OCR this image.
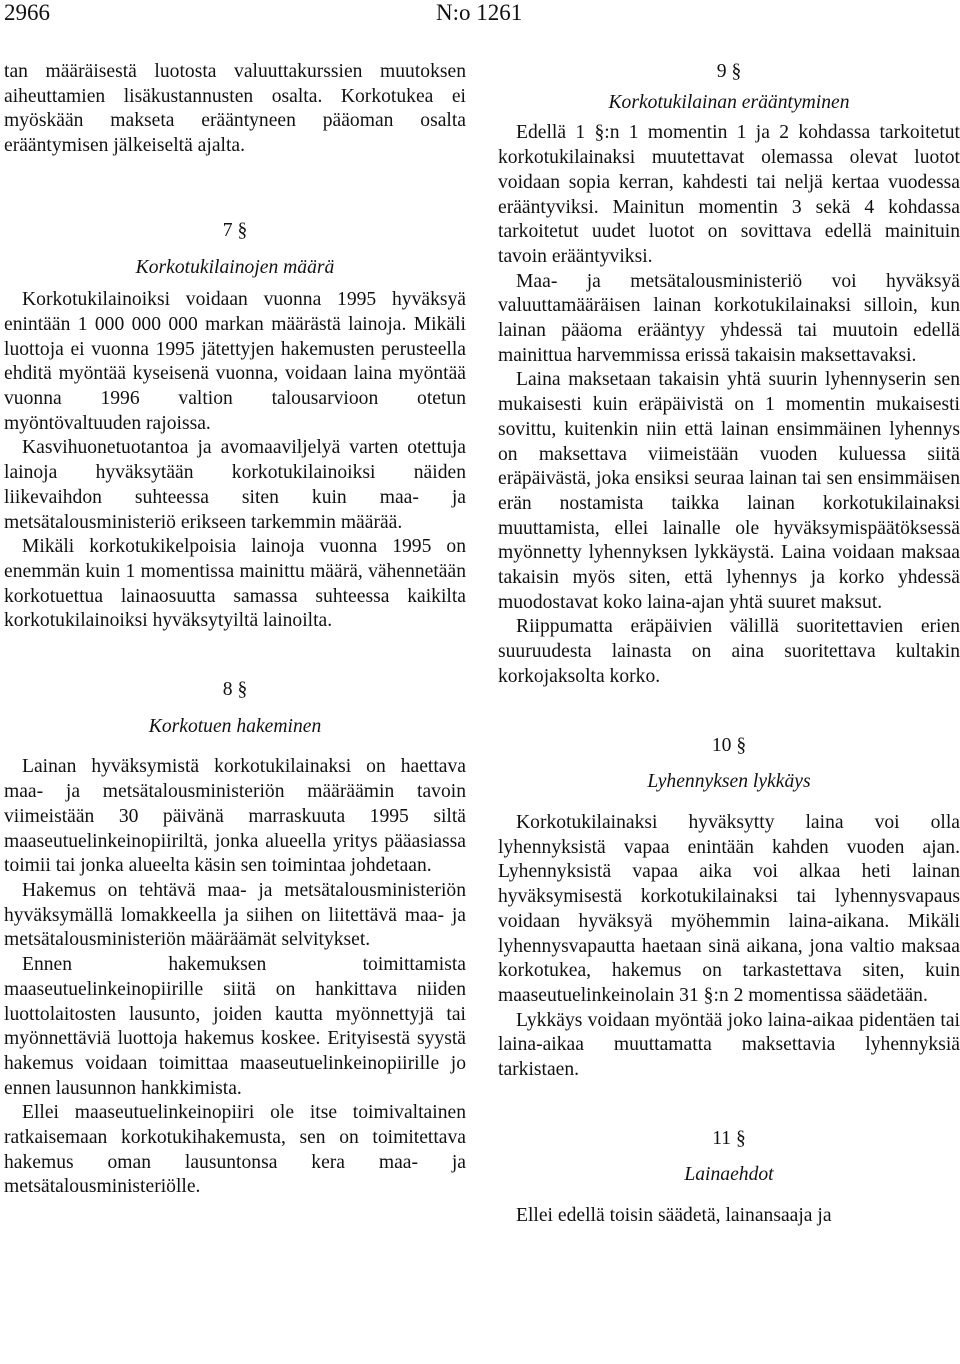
2966	N:o 1261

tan määräisestä luotosta valuuttakurssien muutoksen aiheuttamien lisäkustannusten osalta. Korkotukea ei myöskään makseta erääntyneen pääoman osalta erääntymisen jälkeiseltä ajalta.

7 §
Korkotukilainojen määrä

Korkotukilainoiksi voidaan vuonna 1995 hyväksyä enintään 1 000 000 000 markan määrästä lainoja. Mikäli luottoja ei vuonna 1995 jätettyjen hakemusten perusteella ehditä myöntää kyseisenä vuonna, voidaan laina myöntää vuonna 1996 valtion talousarvioon otetun myöntövaltuuden rajoissa.

Kasvihuonetuotantoa ja avomaaviljelyä varten otettuja lainoja hyväksytään korkotukilainoiksi näiden liikevaihdon suhteessa siten kuin maa- ja metsätalousministeriö erikseen tarkemmin määrää.

Mikäli korkotukikelpoisia lainoja vuonna 1995 on enemmän kuin 1 momentissa mainittu määrä, vähennetään korkotuettua lainaosuutta samassa suhteessa kaikilta korkotukilainoiksi hyväksytyiltä lainoilta.

8 §
Korkotuen hakeminen

Lainan hyväksymistä korkotukilainaksi on haettava maa- ja metsätalousministeriön määräämin tavoin viimeistään 30 päivänä marraskuuta 1995 siltä maaseutuelinkeinopiiriltä, jonka alueella yritys pääasiassa toimii tai jonka alueelta käsin sen toimintaa johdetaan.

Hakemus on tehtävä maa- ja metsätalousministeriön hyväksymällä lomakkeella ja siihen on liitettävä maa- ja metsätalousministeriön määräämät selvitykset.

Ennen hakemuksen toimittamista maaseutuelinkeinopiirille siitä on hankittava niiden luottolaitosten lausunto, joiden kautta myönnettyjä tai myönnettäviä luottoja hakemus koskee. Erityisestä syystä hakemus voidaan toimittaa maaseutuelinkeinopiirille jo ennen lausunnon hankkimista.

Ellei maaseutuelinkeinopiiri ole itse toimivaltainen ratkaisemaan korkotukihakemusta, sen on toimitettava hakemus oman lausuntonsa kera maa- ja metsätalousministeriölle.

9 §
Korkotukilainan erääntyminen

Edellä 1 §:n 1 momentin 1 ja 2 kohdassa tarkoitetut korkotukilainaksi muutettavat olemassa olevat luotot voidaan sopia kerran, kahdesti tai neljä kertaa vuodessa erääntyviksi. Mainitun momentin 3 sekä 4 kohdassa tarkoitetut uudet luotot on sovittava edellä mainituin tavoin erääntyviksi.

Maa- ja metsätalousministeriö voi hyväksyä valuuttamääräisen lainan korkotukilainaksi silloin, kun lainan pääoma erääntyy yhdessä tai muutoin edellä mainittua harvemmissa erissä takaisin maksettavaksi.

Laina maksetaan takaisin yhtä suurin lyhennyserin sen mukaisesti kuin eräpäivistä on 1 momentin mukaisesti sovittu, kuitenkin niin että lainan ensimmäinen lyhennys on maksettava viimeistään vuoden kuluessa siitä eräpäivästä, joka ensiksi seuraa lainan tai sen ensimmäisen erän nostamista taikka lainan korkotukilainaksi muuttamista, ellei lainalle ole hyväksymispäätöksessä myönnetty lyhennyksen lykkäystä. Laina voidaan maksaa takaisin myös siten, että lyhennys ja korko yhdessä muodostavat koko laina-ajan yhtä suuret maksut.

Riippumatta eräpäivien välillä suoritettavien erien suuruudesta lainasta on aina suoritettava kultakin korkojaksolta korko.

10 §
Lyhennyksen lykkäys

Korkotukilainaksi hyväksytty laina voi olla lyhennyksistä vapaa enintään kahden vuoden ajan. Lyhennyksistä vapaa aika voi alkaa heti lainan hyväksymisestä korkotukilainaksi tai lyhennysvapaus voidaan hyväksyä myöhemmin laina-aikana. Mikäli lyhennysvapautta haetaan sinä aikana, jona valtio maksaa korkotukea, hakemus on tarkastettava siten, kuin maaseutuelinkeinolain 31 §:n 2 momentissa säädetään.

Lykkäys voidaan myöntää joko laina-aikaa pidentäen tai laina-aikaa muuttamatta maksettavia lyhennyksiä tarkistaen.

11 §
Lainaehdot

Ellei edellä toisin säädetä, lainansaaja ja
